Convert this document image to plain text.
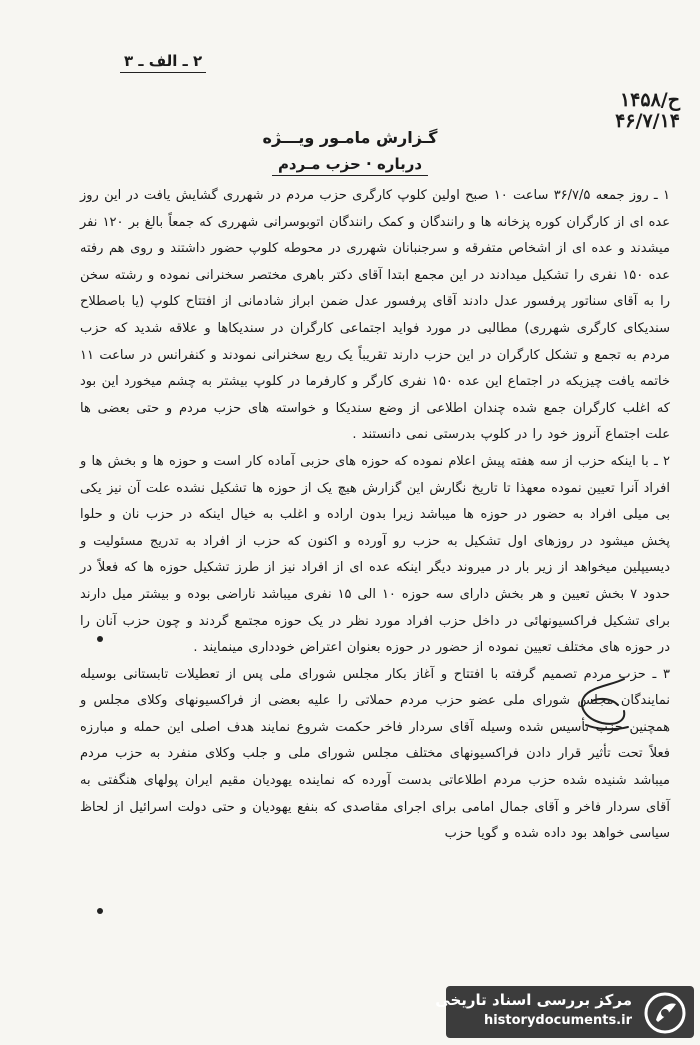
۲ ـ الف ـ ۳
ح/۱۴۵۸
۴۶/۷/۱۴
گـزارش مامـور ویـــژه
درباره · حزب مـردم

۱ ـ روز جمعه ۳۶/۷/۵ ساعت ۱۰ صبح اولین کلوپ کارگری حزب مردم در شهرری گشایش یافت در این روز عده ای از کارگران کوره پزخانه ها و رانندگان و کمک رانندگان اتوبوسرانی شهرری که جمعاً بالغ بر ۱۲۰ نفر میشدند و عده ای از اشخاص متفرقه و سرجنبانان شهرری در محوطه کلوپ حضور داشتند و روی هم رفته عده ۱۵۰ نفری را تشکیل میدادند در این مجمع ابتدا آقای دکتر باهری مختصر سخنرانی نموده و رشته سخن را به آقای سناتور پرفسور عدل دادند آقای پرفسور عدل ضمن ابراز شادمانی از افتتاح کلوپ (یا باصطلاح سندیکای کارگری شهرری) مطالبی در مورد فواید اجتماعی کارگران در سندیکاها و علاقه شدید که حزب مردم به تجمع و تشکل کارگران در این حزب دارند تقریباً یک ربع سخنرانی نمودند و کنفرانس در ساعت ۱۱ خاتمه یافت چیزیکه در اجتماع این عده ۱۵۰ نفری کارگر و کارفرما در کلوپ بیشتر به چشم میخورد این بود که اغلب کارگران جمع شده چندان اطلاعی از وضع سندیکا و خواسته های حزب مردم و حتی بعضی ها علت اجتماع آنروز خود را در کلوپ بدرستی نمی دانستند .

۲ ـ با اینکه حزب از سه هفته پیش اعلام نموده که حوزه های حزبی آماده کار است و حوزه ها و بخش ها و افراد آنرا تعیین نموده معهذا تا تاریخ نگارش این گزارش هیچ یک از حوزه ها تشکیل نشده علت آن نیز یکی بی میلی افراد به حضور در حوزه ها میباشد زیرا بدون اراده و اغلب به خیال اینکه در حزب نان و حلوا پخش میشود در روزهای اول تشکیل به حزب رو آورده و اکنون که حزب از افراد به تدریج مسئولیت و دیسیپلین میخواهد از زیر بار در میروند دیگر اینکه عده ای از افراد نیز از طرز تشکیل حوزه ها که فعلاً در حدود ۷ بخش تعیین و هر بخش دارای سه حوزه ۱۰ الی ۱۵ نفری میباشد ناراضی بوده و بیشتر میل دارند برای تشکیل فراکسیونهائی در داخل حزب افراد مورد نظر در یک حوزه مجتمع گردند و چون حزب آنان را در حوزه های مختلف تعیین نموده از حضور در حوزه بعنوان اعتراض خودداری مینمایند .

۳ ـ حزب مردم تصمیم گرفته با افتتاح و آغاز بکار مجلس شورای ملی پس از تعطیلات تابستانی بوسیله نمایندگان مجلس شورای ملی عضو حزب مردم حملاتی را علیه بعضی از فراکسیونهای وکلای مجلس و همچنین حزب تأسیس شده وسیله آقای سردار فاخر حکمت شروع نمایند هدف اصلی این حمله و مبارزه فعلاً تحت تأثیر قرار دادن فراکسیونهای مختلف مجلس شورای ملی و جلب وکلای منفرد به حزب مردم میباشد شنیده شده حزب مردم اطلاعاتی بدست آورده که نماینده یهودیان مقیم ایران پولهای هنگفتی به آقای سردار فاخر و آقای جمال امامی برای اجرای مقاصدی که بنفع یهودیان و حتی دولت اسرائیل از لحاظ سیاسی خواهد بود داده شده و گویا حزب

مرکز بررسی اسناد تاریخی
historydocuments.ir
